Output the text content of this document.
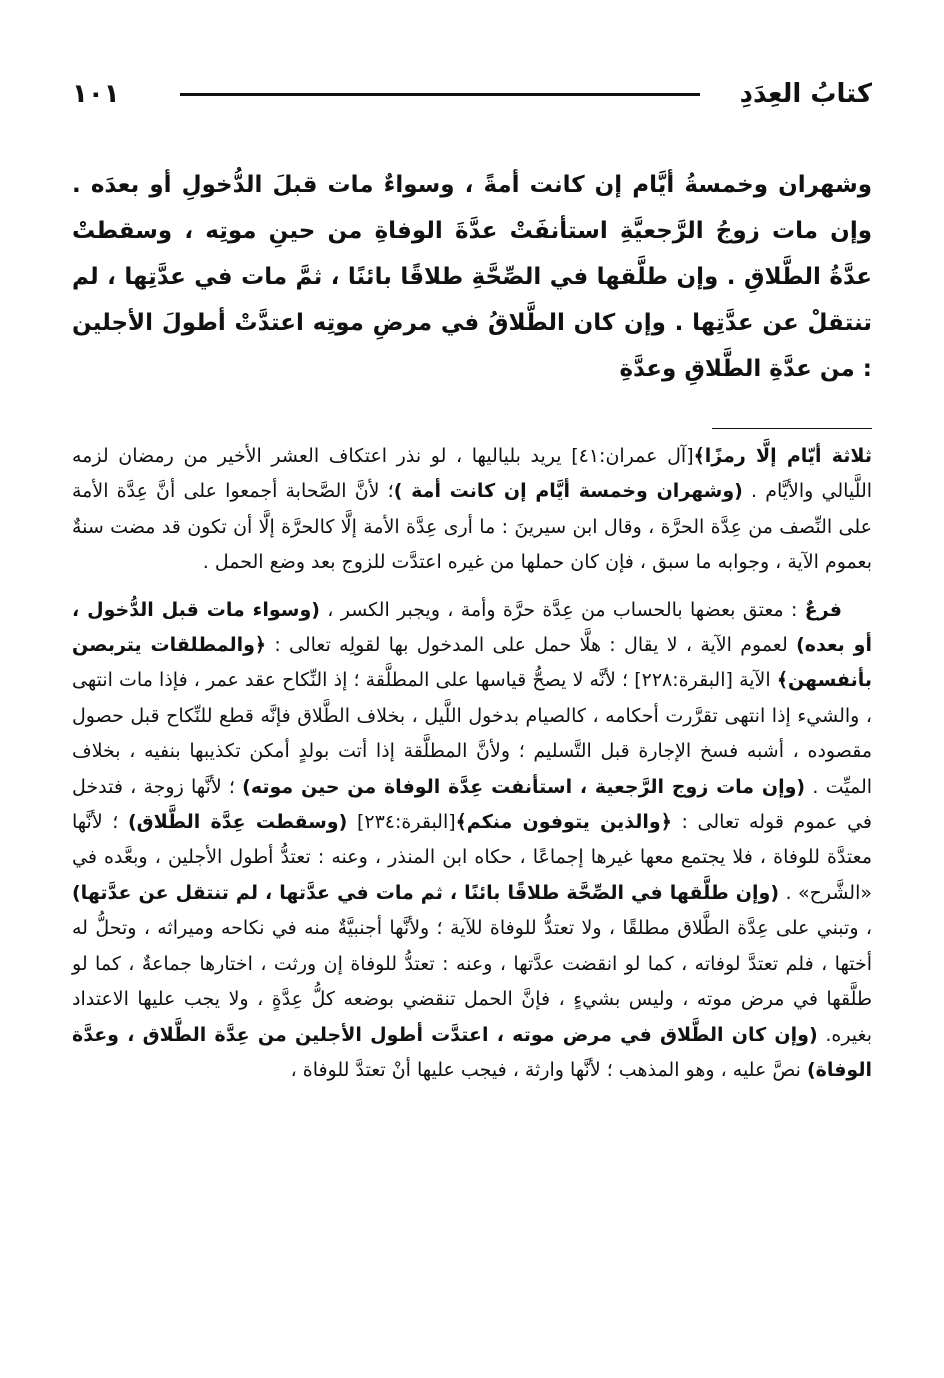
كتابُ العِدَدِ
١٠١

وشهران وخمسةُ أيَّام إن كانت أمةً ، وسواءٌ مات قبلَ الدُّخولِ أو بعدَه . وإن مات زوجُ الرَّجعيَّةِ استأنفَتْ عدَّةَ الوفاةِ من حينِ موتِه ، وسقطتْ عدَّةُ الطَّلاقِ . وإن طلَّقها في الصِّحَّةِ طلاقًا بائنًا ، ثمَّ مات في عدَّتِها ، لم تنتقلْ عن عدَّتِها . وإن كان الطَّلاقُ في مرضِ موتِه اعتدَّتْ أطولَ الأجلين : من عدَّةِ الطَّلاقِ وعدَّةِ

ثلاثة أيّام إلَّا رمزًا﴾[آل عمران:٤١] يريد بلياليها ، لو نذر اعتكاف العشر الأخير من رمضان لزمه اللَّيالي والأيَّام . (وشهران وخمسة أيَّام إن كانت أمة )؛ لأنَّ الصَّحابة أجمعوا على أنَّ عِدَّة الأمة على النِّصف من عِدَّة الحرَّة ، وقال ابن سيرينَ : ما أرى عِدَّة الأمة إلَّا كالحرَّة إلَّا أن تكون قد مضت سنةٌ بعموم الآية ، وجوابه ما سبق ، فإن كان حملها من غيره اعتدَّت للزوج بعد وضع الحمل .

فرعٌ : معتق بعضها بالحساب من عِدَّة حرَّة وأمة ، ويجبر الكسر ، (وسواء مات قبل الدُّخول ، أو بعده) لعموم الآية ، لا يقال : هلَّا حمل على المدخول بها لقولِه تعالى : ﴿والمطلقات يتربصن بأنفسهن﴾ الآية [البقرة:٢٢٨] ؛ لأنَّه لا يصحُّ قياسها على المطلَّقة ؛ إذ النِّكاح عقد عمر ، فإذا مات انتهى ، والشيء إذا انتهى تقرَّرت أحكامه ، كالصيام بدخول اللَّيل ، بخلاف الطَّلاق فإنَّه قطع للنِّكاح قبل حصول مقصوده ، أشبه فسخ الإجارة قبل التَّسليم ؛ ولأنَّ المطلَّقة إذا أتت بولدٍ أمكن تكذيبها بنفيه ، بخلاف الميِّت . (وإن مات زوج الرَّجعية ، استأنفت عِدَّة الوفاة من حين موته) ؛ لأنَّها زوجة ، فتدخل في عموم قوله تعالى : ﴿والذين يتوفون منكم﴾[البقرة:٢٣٤] (وسقطت عِدَّة الطَّلاق) ؛ لأنَّها معتدَّة للوفاة ، فلا يجتمع معها غيرها إجماعًا ، حكاه ابن المنذر ، وعنه : تعتدُّ أطول الأجلين ، وبعَّده في «الشَّرح» . (وإن طلَّقها في الصِّحَّة طلاقًا بائنًا ، ثم مات في عدَّتها ، لم تنتقل عن عدَّتها) ، وتبني على عِدَّة الطَّلاق مطلقًا ، ولا تعتدُّ للوفاة للآية ؛ ولأنَّها أجنبيَّةٌ منه في نكاحه وميراثه ، وتحلُّ له أختها ، فلم تعتدَّ لوفاته ، كما لو انقضت عدَّتها ، وعنه : تعتدُّ للوفاة إن ورثت ، اختارها جماعةٌ ، كما لو طلَّقها في مرض موته ، وليس بشيءٍ ، فإنَّ الحمل تنقضي بوضعه كلُّ عِدَّةٍ ، ولا يجب عليها الاعتداد بغيره. (وإن كان الطَّلاق في مرض موته ، اعتدَّت أطول الأجلين من عِدَّة الطَّلاق ، وعدَّة الوفاة) نصَّ عليه ، وهو المذهب ؛ لأنَّها وارثة ، فيجب عليها أنْ تعتدَّ للوفاة ،
